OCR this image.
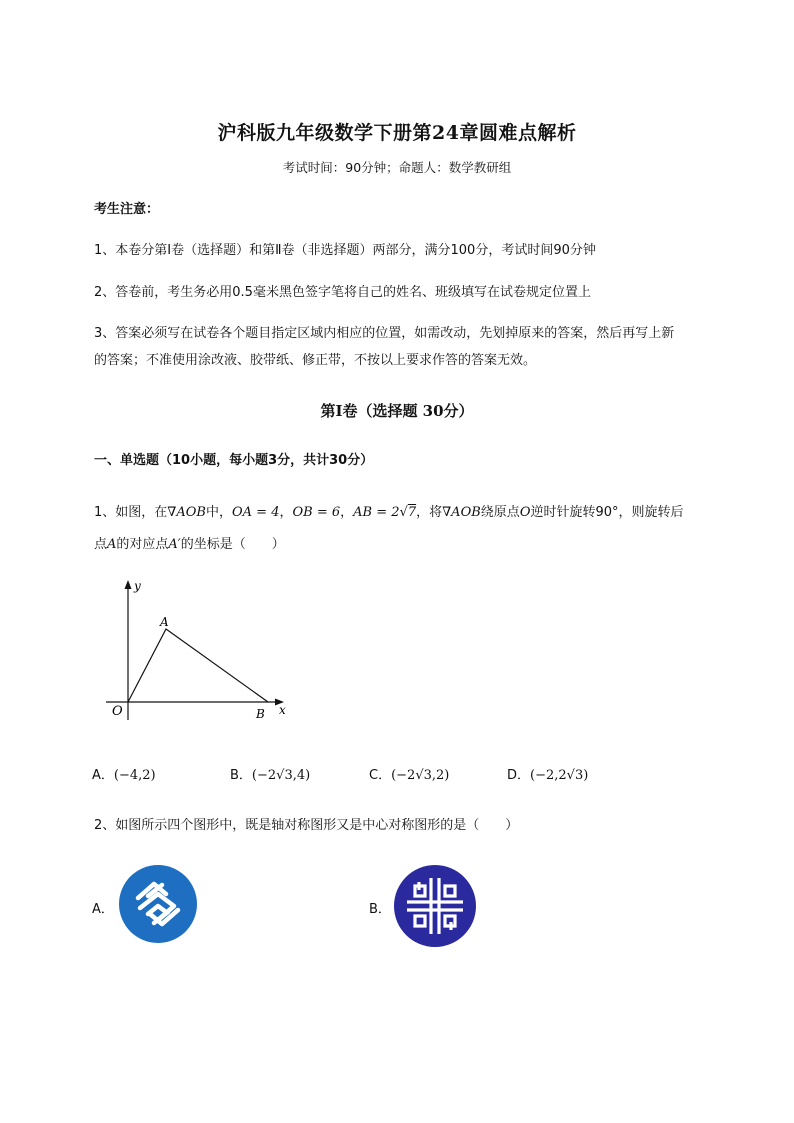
沪科版九年级数学下册第24章圆难点解析
考试时间：90分钟；命题人：数学教研组
考生注意：
1、本卷分第I卷（选择题）和第Ⅱ卷（非选择题）两部分，满分100分，考试时间90分钟
2、答卷前，考生务必用0.5毫米黑色签字笔将自己的姓名、班级填写在试卷规定位置上
3、答案必须写在试卷各个题目指定区域内相应的位置，如需改动，先划掉原来的答案，然后再写上新
的答案；不准使用涂改液、胶带纸、修正带，不按以上要求作答的答案无效。
第I卷（选择题 30分）
一、单选题（10小题，每小题3分，共计30分）
1、如图，在∇AOB中，OA = 4，OB = 6，AB = 2√7，将∇AOB绕原点O逆时针旋转90°，则旋转后
点A的对应点A′的坐标是（　　）
y
x
A
O	B
A．(−4,2)	B．(−2√3,4)	C．(−2√3,2)	D．(−2,2√3)
2、如图所示四个图形中，既是轴对称图形又是中心对称图形的是（　　）
A．	B．
